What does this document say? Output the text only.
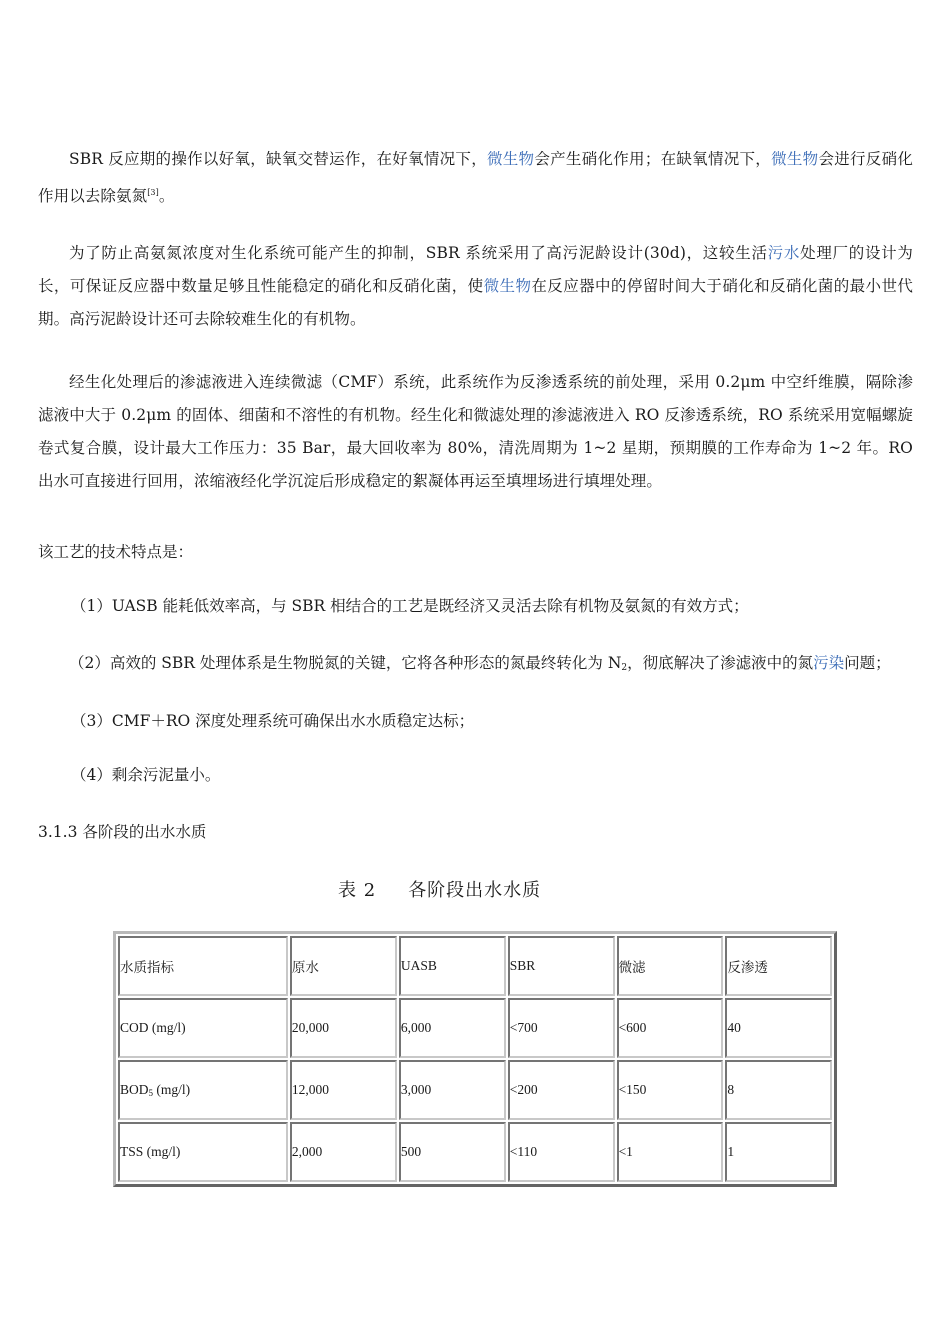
SBR 反应期的操作以好氧，缺氧交替运作，在好氧情况下，微生物会产生硝化作用；在缺氧情况下，微生物会进行反硝化作用以去除氨氮[3]。

为了防止高氨氮浓度对生化系统可能产生的抑制，SBR 系统采用了高污泥龄设计(30d)，这较生活污水处理厂的设计为长，可保证反应器中数量足够且性能稳定的硝化和反硝化菌，使微生物在反应器中的停留时间大于硝化和反硝化菌的最小世代期。高污泥龄设计还可去除较难生化的有机物。

经生化处理后的渗滤液进入连续微滤（CMF）系统，此系统作为反渗透系统的前处理，采用 0.2μm 中空纤维膜，隔除渗滤液中大于 0.2μm 的固体、细菌和不溶性的有机物。经生化和微滤处理的渗滤液进入 RO 反渗透系统，RO 系统采用宽幅螺旋卷式复合膜，设计最大工作压力：35 Bar，最大回收率为 80%，清洗周期为 1~2 星期，预期膜的工作寿命为 1~2 年。RO 出水可直接进行回用，浓缩液经化学沉淀后形成稳定的絮凝体再运至填埋场进行填埋处理。

该工艺的技术特点是：

（1）UASB 能耗低效率高，与 SBR 相结合的工艺是既经济又灵活去除有机物及氨氮的有效方式；

（2）高效的 SBR 处理体系是生物脱氮的关键，它将各种形态的氮最终转化为 $N_2$，彻底解决了渗滤液中的氮污染问题；

（3）CMF＋RO 深度处理系统可确保出水水质稳定达标；

（4）剩余污泥量小。

3.1.3 各阶段的出水水质

表 2 各阶段出水水质
水质指标	原水	UASB	SBR	微滤	反渗透
COD (mg/l)	20,000	6,000	<700	<600	40
$BOD_5$ (mg/l)	12,000	3,000	<200	<150	8
TSS (mg/l)	2,000	500	<110	<1	1
